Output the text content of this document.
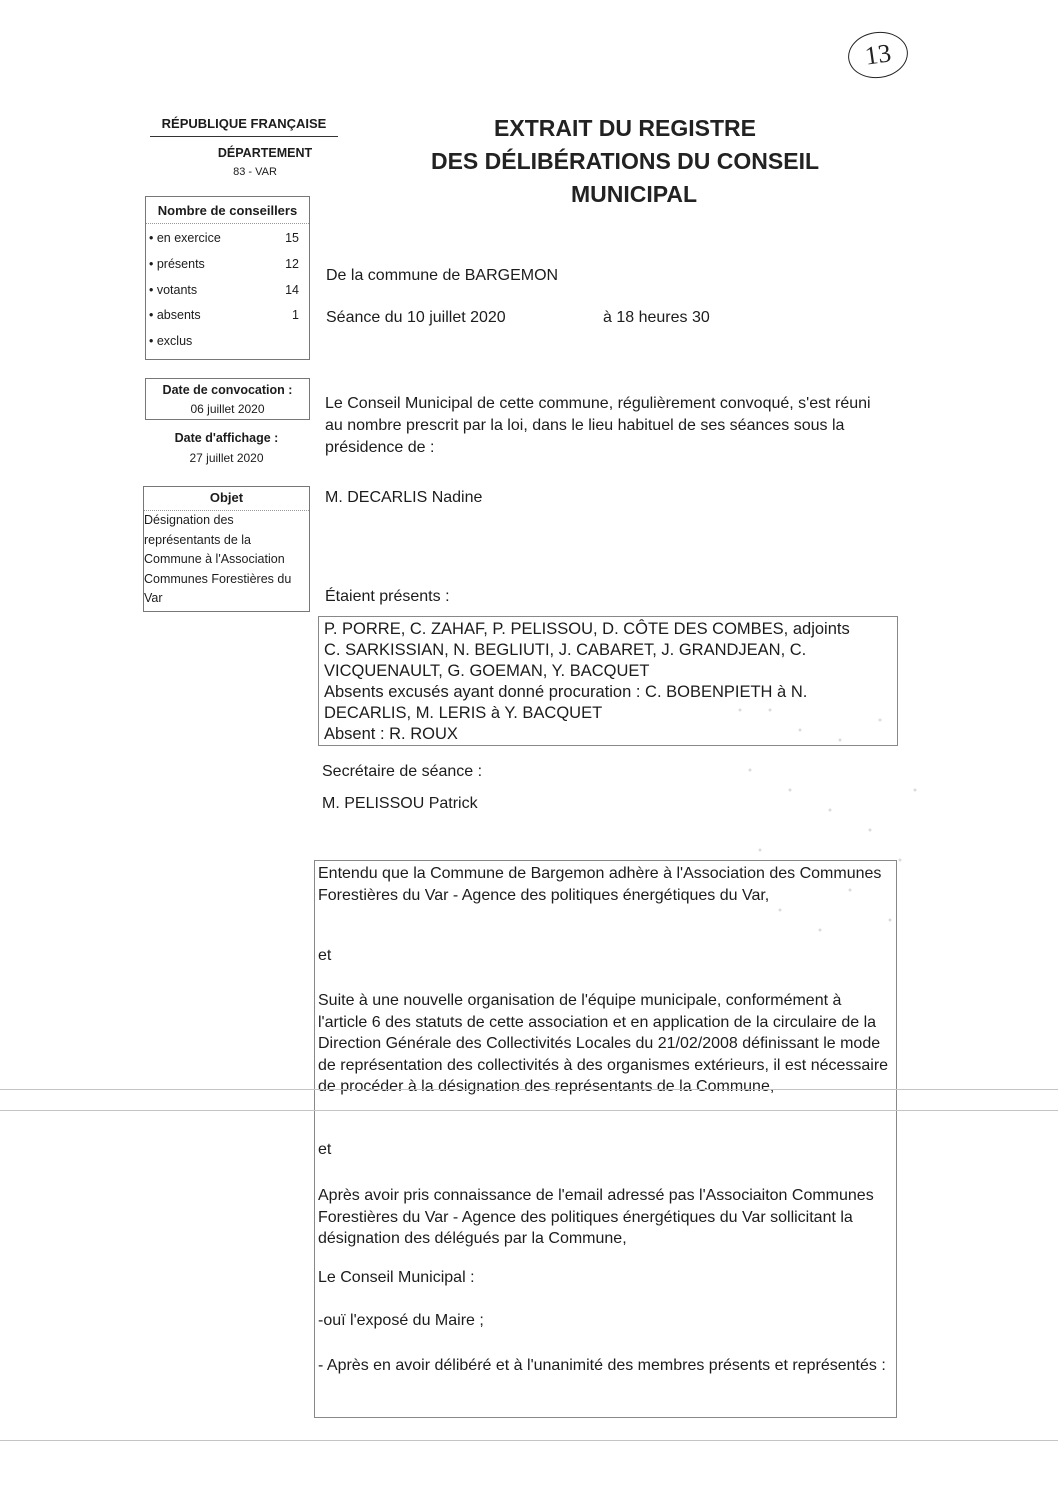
13
RÉPUBLIQUE FRANÇAISE
DÉPARTEMENT
83 - VAR
EXTRAIT DU REGISTRE
DES DÉLIBÉRATIONS DU CONSEIL
MUNICIPAL
Nombre de conseillers
• en exercice	15
• présents	12
• votants	14
• absents	1
• exclus
Date de convocation :
06 juillet 2020
Date d'affichage :
27 juillet 2020
Objet
Désignation des représentants de la Commune à l'Association Communes Forestières du Var
De la commune de BARGEMON
Séance du 10 juillet 2020	à 18 heures 30
Le Conseil Municipal de cette commune, régulièrement convoqué, s'est réuni au nombre prescrit par la loi, dans le lieu habituel de ses séances sous la présidence de :
M. DECARLIS Nadine
Étaient présents :
P. PORRE, C. ZAHAF, P. PELISSOU, D. CÔTE DES COMBES, adjoints
C. SARKISSIAN, N. BEGLIUTI, J. CABARET, J. GRANDJEAN, C.
VICQUENAULT, G. GOEMAN, Y. BACQUET
Absents excusés ayant donné procuration : C. BOBENPIETH à N.
DECARLIS, M. LERIS à Y. BACQUET
Absent : R. ROUX
Secrétaire de séance :
M. PELISSOU Patrick

Entendu que la Commune de Bargemon adhère à l'Association des Communes Forestières du Var - Agence des politiques énergétiques du Var,

et

Suite à une nouvelle organisation de l'équipe municipale, conformément à l'article 6 des statuts de cette association et en application de la circulaire de la Direction Générale des Collectivités Locales du 21/02/2008 définissant le mode de représentation des collectivités à des organismes extérieurs, il est nécessaire de procéder à la désignation des représentants de la Commune,

et

Après avoir pris connaissance de l'email adressé pas l'Associaiton Communes Forestières du Var - Agence des politiques énergétiques du Var sollicitant la désignation des délégués par la Commune,

Le Conseil Municipal :

-ouï l'exposé du Maire ;

- Après en avoir délibéré et à l'unanimité des membres présents et représentés :
